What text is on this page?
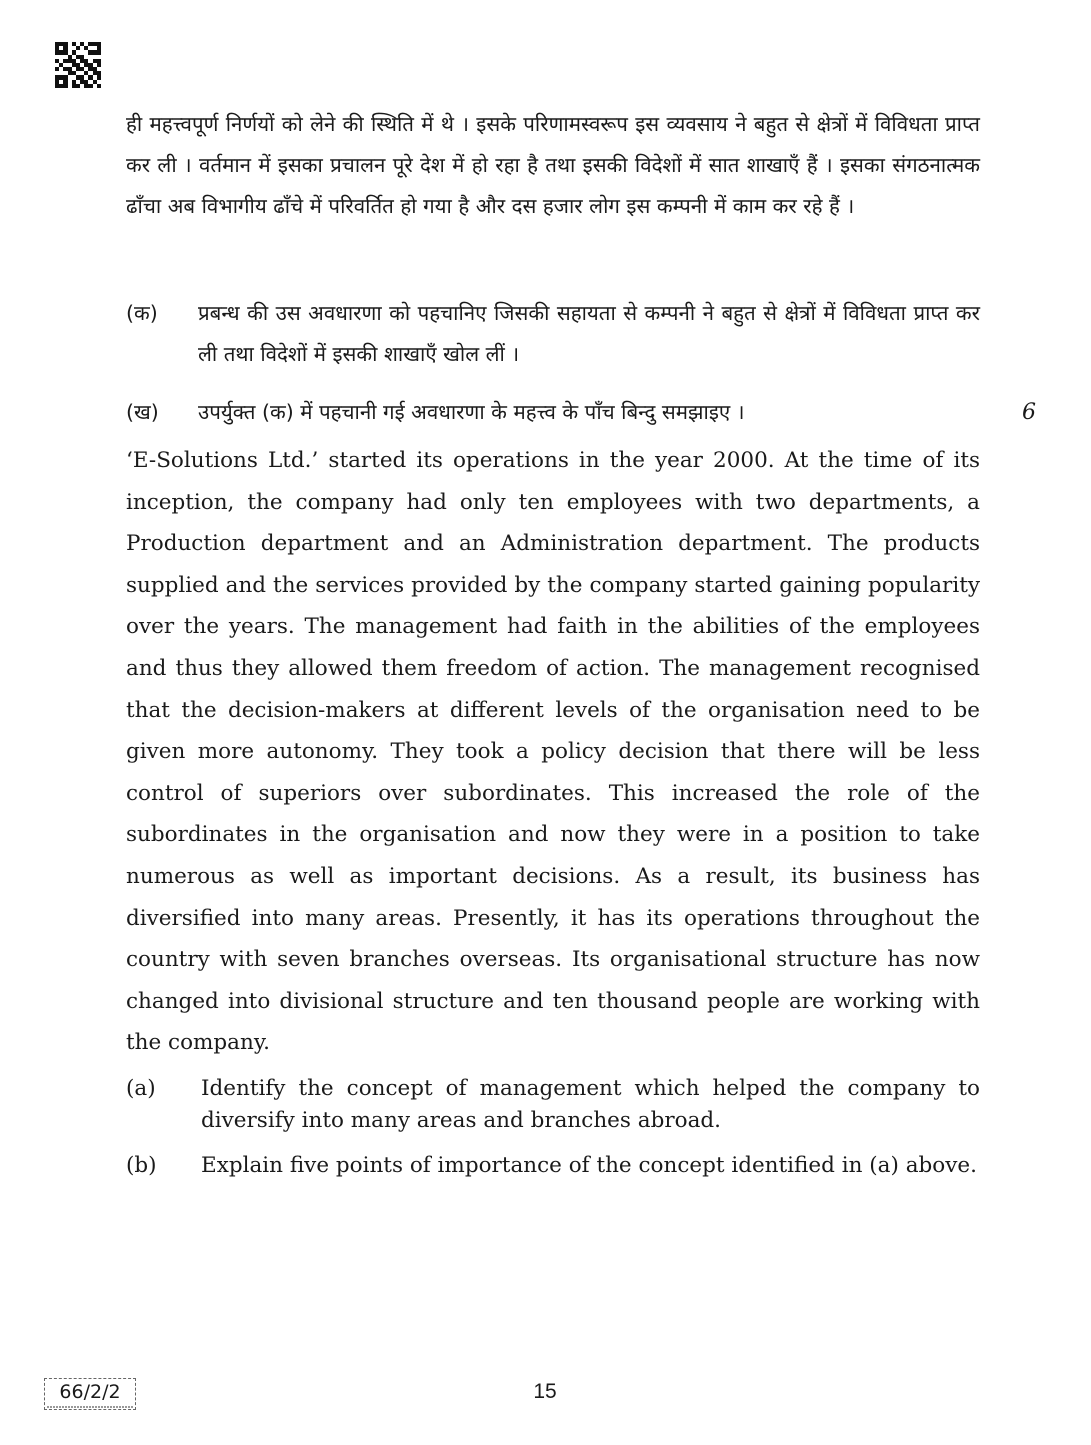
ही महत्त्वपूर्ण निर्णयों को लेने की स्थिति में थे । इसके परिणामस्वरूप इस व्यवसाय ने बहुत से क्षेत्रों में विविधता प्राप्त कर ली । वर्तमान में इसका प्रचालन पूरे देश में हो रहा है तथा इसकी विदेशों में सात शाखाएँ हैं । इसका संगठनात्मक ढाँचा अब विभागीय ढाँचे में परिवर्तित हो गया है और दस हजार लोग इस कम्पनी में काम कर रहे हैं ।

(क)	प्रबन्ध की उस अवधारणा को पहचानिए जिसकी सहायता से कम्पनी ने बहुत से क्षेत्रों में विविधता प्राप्त कर ली तथा विदेशों में इसकी शाखाएँ खोल लीं ।
(ख)	उपर्युक्त (क) में पहचानी गई अवधारणा के महत्त्व के पाँच बिन्दु समझाइए ।	6

‘E-Solutions Ltd.’ started its operations in the year 2000. At the time of its inception, the company had only ten employees with two departments, a Production department and an Administration department. The products supplied and the services provided by the company started gaining popularity over the years. The management had faith in the abilities of the employees and thus they allowed them freedom of action. The management recognised that the decision-makers at different levels of the organisation need to be given more autonomy. They took a policy decision that there will be less control of superiors over subordinates. This increased the role of the subordinates in the organisation and now they were in a position to take numerous as well as important decisions. As a result, its business has diversified into many areas. Presently, it has its operations throughout the country with seven branches overseas. Its organisational structure has now changed into divisional structure and ten thousand people are working with the company.

(a)	Identify the concept of management which helped the company to diversify into many areas and branches abroad.
(b)	Explain five points of importance of the concept identified in (a) above.
66/2/2	15
